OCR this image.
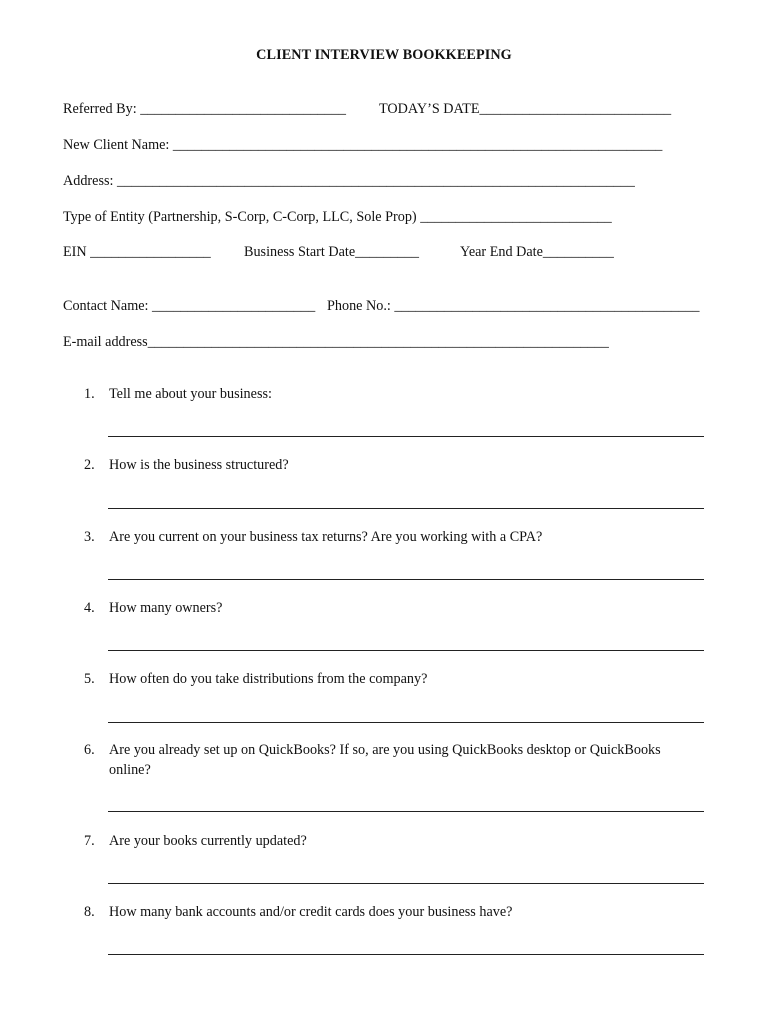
CLIENT INTERVIEW BOOKKEEPING
Referred By: _____________________________ TODAY’S DATE___________________________
New Client Name: _____________________________________________________________________
Address: _________________________________________________________________________
Type of Entity (Partnership, S-Corp, C-Corp, LLC, Sole Prop) ___________________________
EIN _________________ Business Start Date_________	Year End Date__________
Contact Name: _______________________ Phone No.: ___________________________________________
E-mail address_________________________________________________________________
1. Tell me about your business:
2. How is the business structured?
3. Are you current on your business tax returns? Are you working with a CPA?
4. How many owners?
5. How often do you take distributions from the company?
6. Are you already set up on QuickBooks? If so, are you using QuickBooks desktop or QuickBooks online?
7. Are your books currently updated?
8. How many bank accounts and/or credit cards does your business have?
